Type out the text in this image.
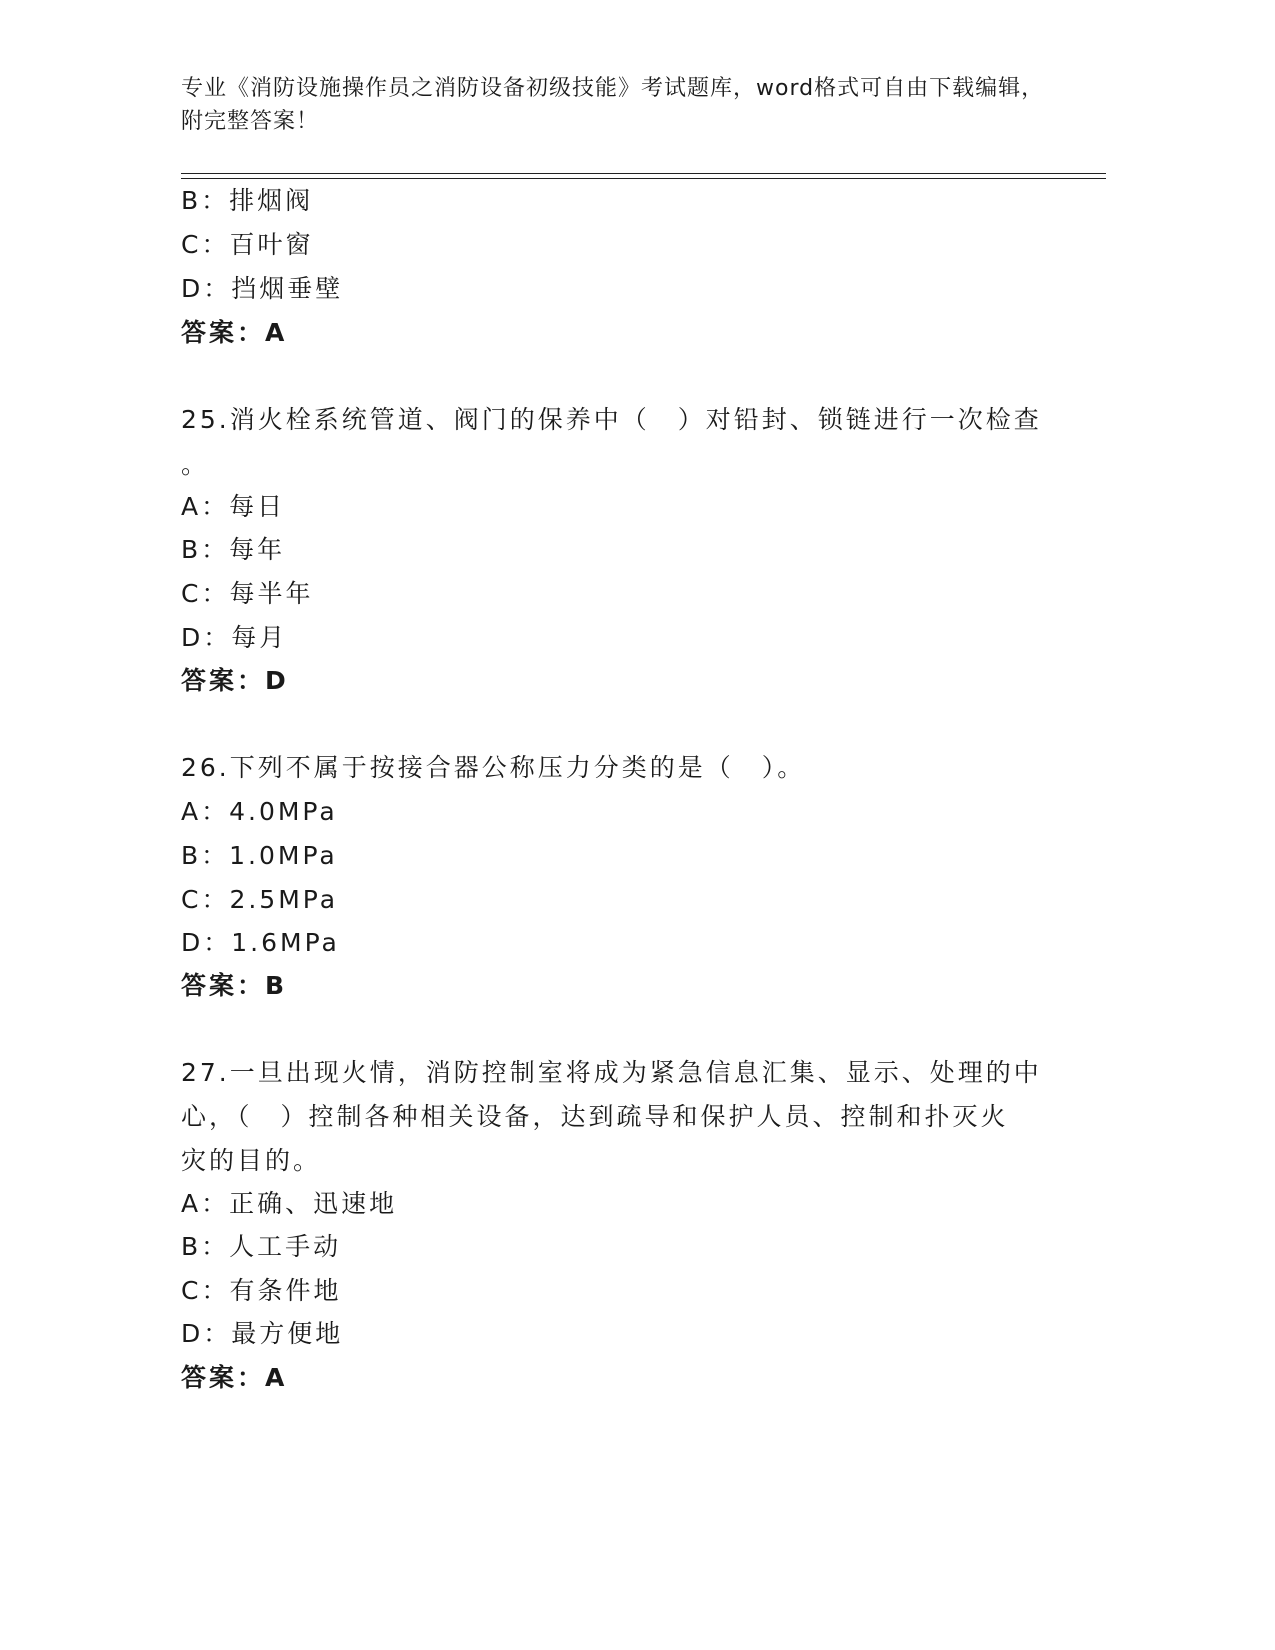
专业《消防设施操作员之消防设备初级技能》考试题库，word格式可自由下载编辑，附完整答案！
B：排烟阀
C：百叶窗
D：挡烟垂壁
答案：A
25.消火栓系统管道、阀门的保养中（　）对铅封、锁链进行一次检查
。
A：每日
B：每年
C：每半年
D：每月
答案：D
26.下列不属于按接合器公称压力分类的是（　）。
A：4.0MPa
B：1.0MPa
C：2.5MPa
D：1.6MPa
答案：B
27.一旦出现火情，消防控制室将成为紧急信息汇集、显示、处理的中
心，（　）控制各种相关设备，达到疏导和保护人员、控制和扑灭火
灾的目的。
A：正确、迅速地
B：人工手动
C：有条件地
D：最方便地
答案：A
